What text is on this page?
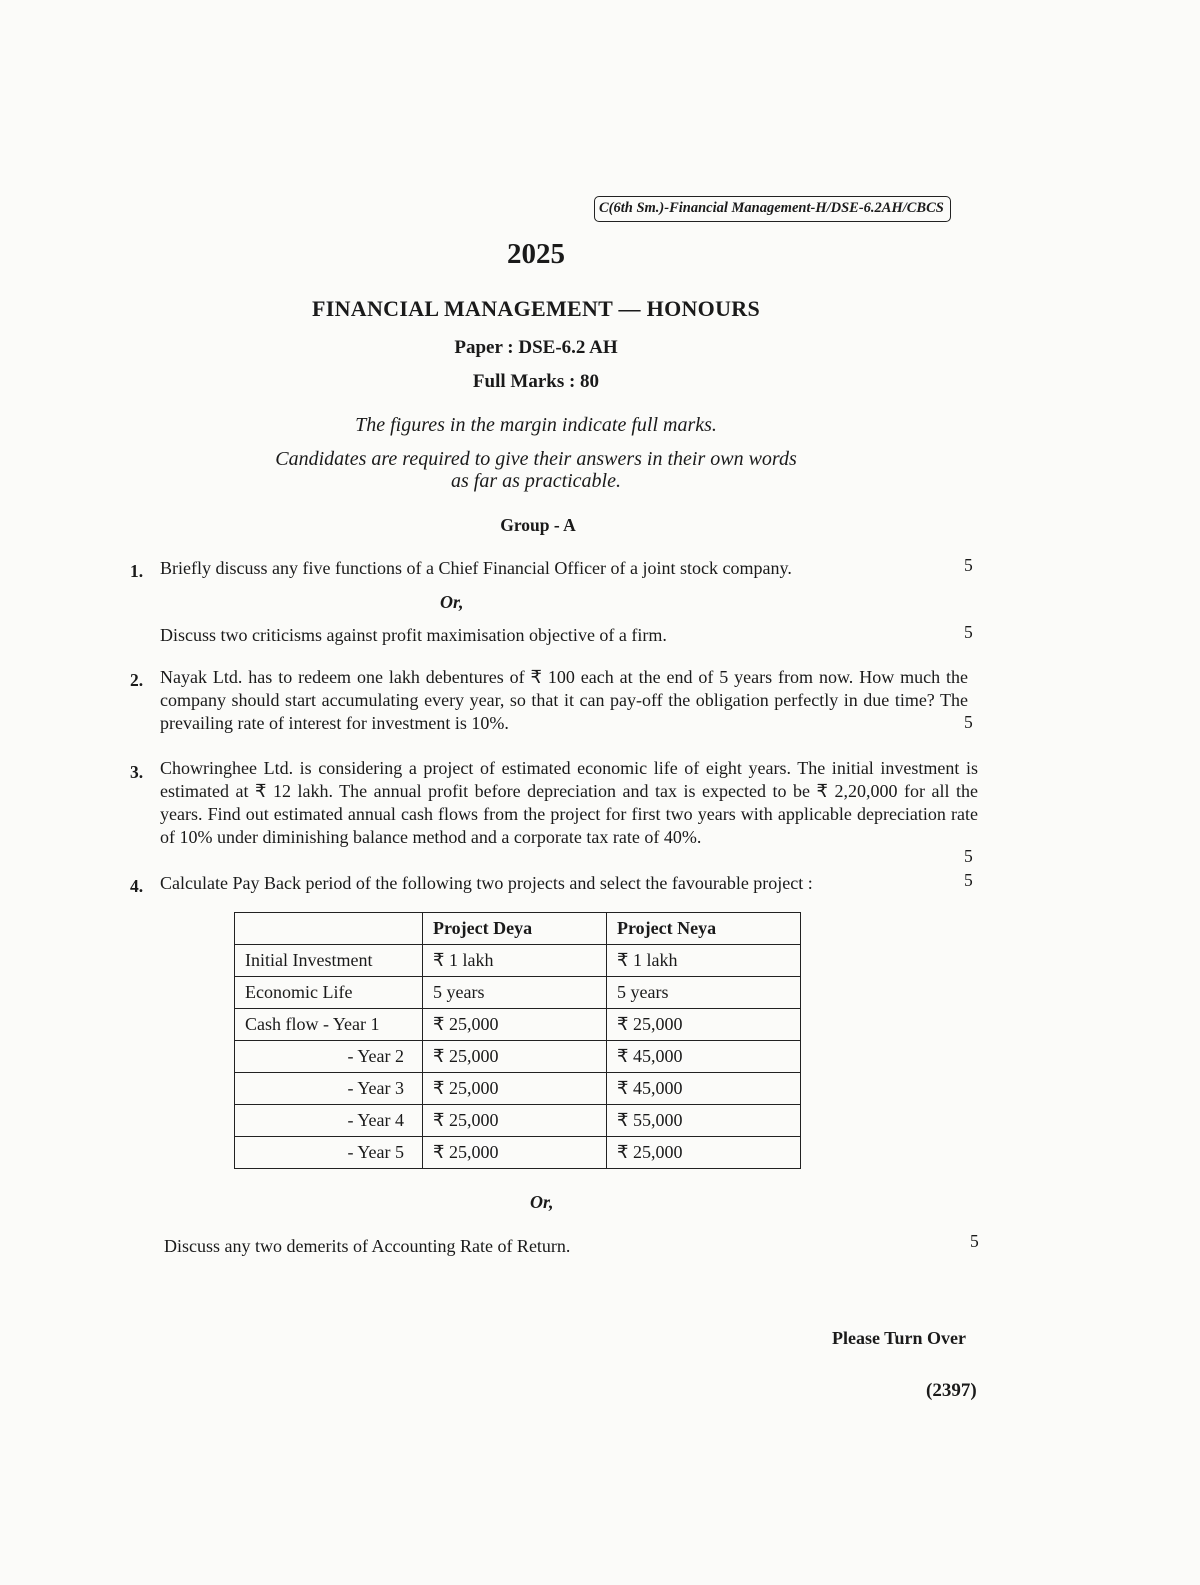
C(6th Sm.)-Financial Management-H/DSE-6.2AH/CBCS
2025
FINANCIAL MANAGEMENT — HONOURS
Paper : DSE-6.2 AH
Full Marks : 80
The figures in the margin indicate full marks.
Candidates are required to give their answers in their own words
as far as practicable.
Group - A
1. Briefly discuss any five functions of a Chief Financial Officer of a joint stock company.	5
Or,
Discuss two criticisms against profit maximisation objective of a firm.	5
2. Nayak Ltd. has to redeem one lakh debentures of ₹ 100 each at the end of 5 years from now. How much the company should start accumulating every year, so that it can pay-off the obligation perfectly in due time? The prevailing rate of interest for investment is 10%.	5
3. Chowringhee Ltd. is considering a project of estimated economic life of eight years. The initial investment is estimated at ₹ 12 lakh. The annual profit before depreciation and tax is expected to be ₹ 2,20,000 for all the years. Find out estimated annual cash flows from the project for first two years with applicable depreciation rate of 10% under diminishing balance method and a corporate tax rate of 40%.
5
4. Calculate Pay Back period of the following two projects and select the favourable project :	5
	Project Deya	Project Neya
Initial Investment	₹ 1 lakh	₹ 1 lakh
Economic Life	5 years	5 years
Cash flow - Year 1	₹ 25,000	₹ 25,000
- Year 2	₹ 25,000	₹ 45,000
- Year 3	₹ 25,000	₹ 45,000
- Year 4	₹ 25,000	₹ 55,000
- Year 5	₹ 25,000	₹ 25,000
Or,
Discuss any two demerits of Accounting Rate of Return.	5
Please Turn Over
(2397)
